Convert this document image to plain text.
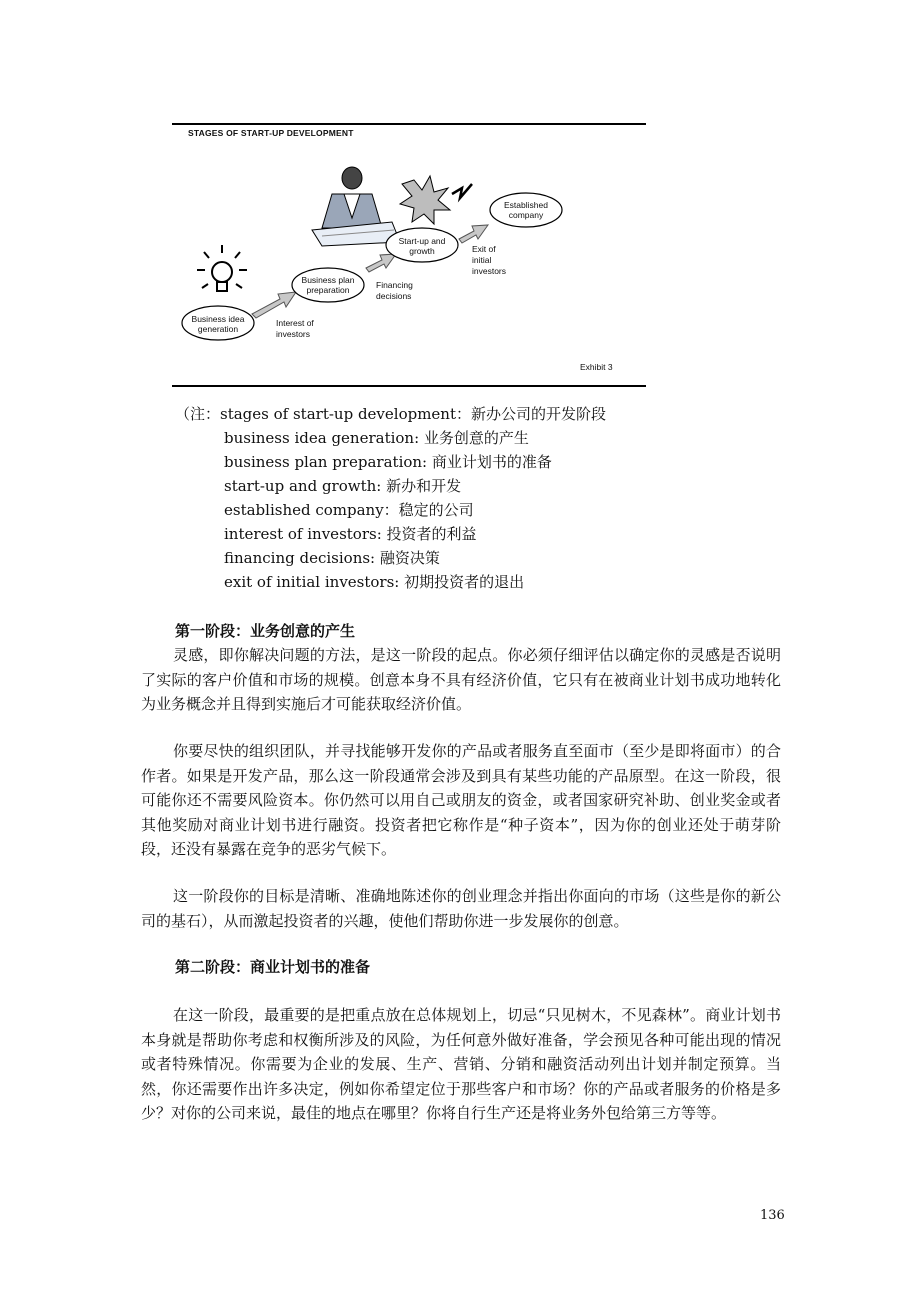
STAGES OF START-UP DEVELOPMENT
Business idea generation
Business plan preparation
Start-up and growth
Established company
Interest of investors
Financing decisions
Exit of initial investors
Exhibit 3
（注：stages of start-up development：新办公司的开发阶段
business idea generation: 业务创意的产生
business plan preparation: 商业计划书的准备
start-up and growth: 新办和开发
established company：稳定的公司
interest of investors: 投资者的利益
financing decisions: 融资决策
exit of initial investors: 初期投资者的退出
第一阶段：业务创意的产生
灵感，即你解决问题的方法，是这一阶段的起点。你必须仔细评估以确定你的灵感是否说明了实际的客户价值和市场的规模。创意本身不具有经济价值，它只有在被商业计划书成功地转化为业务概念并且得到实施后才可能获取经济价值。
你要尽快的组织团队，并寻找能够开发你的产品或者服务直至面市（至少是即将面市）的合作者。如果是开发产品，那么这一阶段通常会涉及到具有某些功能的产品原型。在这一阶段，很可能你还不需要风险资本。你仍然可以用自己或朋友的资金，或者国家研究补助、创业奖金或者其他奖励对商业计划书进行融资。投资者把它称作是“种子资本”，因为你的创业还处于萌芽阶段，还没有暴露在竞争的恶劣气候下。
这一阶段你的目标是清晰、准确地陈述你的创业理念并指出你面向的市场（这些是你的新公司的基石），从而激起投资者的兴趣，使他们帮助你进一步发展你的创意。
第二阶段：商业计划书的准备
在这一阶段，最重要的是把重点放在总体规划上，切忌“只见树木，不见森林”。商业计划书本身就是帮助你考虑和权衡所涉及的风险，为任何意外做好准备，学会预见各种可能出现的情况或者特殊情况。你需要为企业的发展、生产、营销、分销和融资活动列出计划并制定预算。当然，你还需要作出许多决定，例如你希望定位于那些客户和市场？你的产品或者服务的价格是多少？对你的公司来说，最佳的地点在哪里？你将自行生产还是将业务外包给第三方等等。
136
